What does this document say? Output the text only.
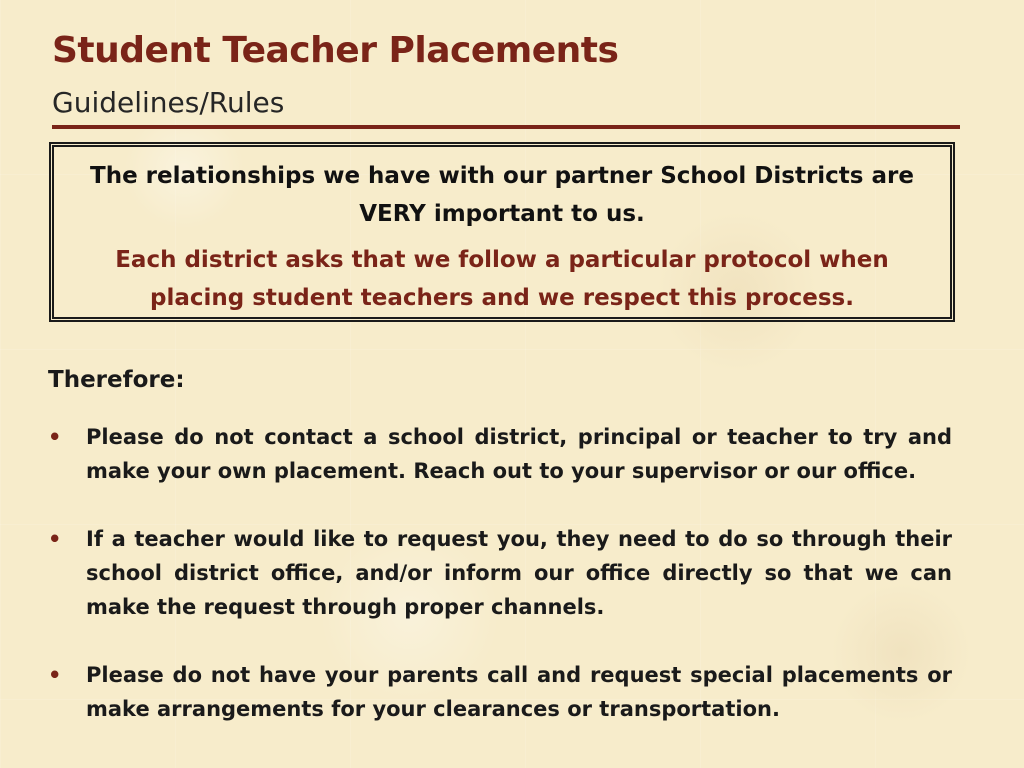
Student Teacher Placements
Guidelines/Rules
The relationships we have with our partner School Districts are VERY important to us.
Each district asks that we follow a particular protocol when placing student teachers and we respect this process.
Therefore:
• Please do not contact a school district, principal or teacher to try and make your own placement. Reach out to your supervisor or our office.
• If a teacher would like to request you, they need to do so through their school district office, and/or inform our office directly so that we can make the request through proper channels.
• Please do not have your parents call and request special placements or make arrangements for your clearances or transportation.
